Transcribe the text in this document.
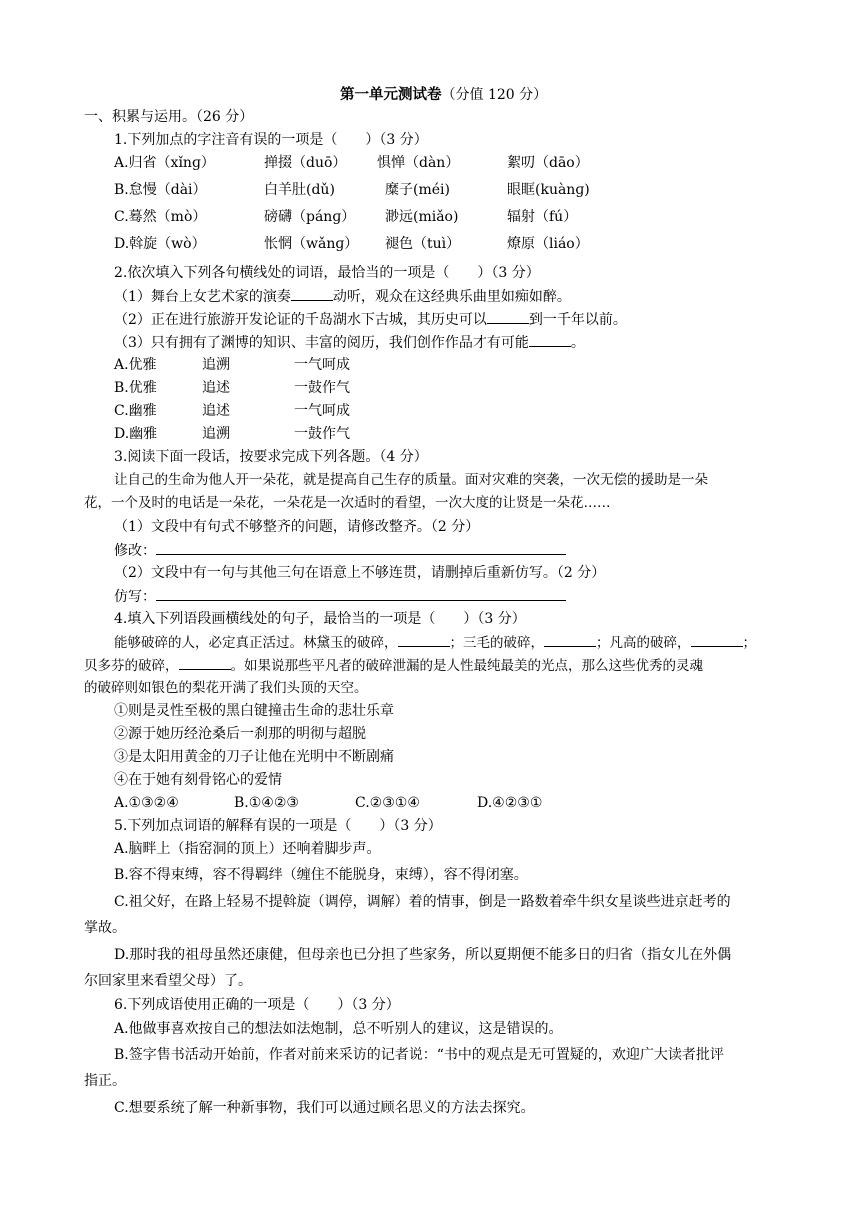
第一单元测试卷（分值 120 分）
一、积累与运用。（26 分）
1.下列加点的字注音有误的一项是（　　）（3 分）
A.归省（xǐnɡ）	掸掇（duō） 惧惮（dàn）	絮叨（dāo）
B.怠慢（dài）	白羊肚(dǔ)	糜子(méi)	眼眶(kuànɡ)
C.蓦然（mò）	磅礴（pánɡ） 渺远(miǎo)	辐射（fú）
D.斡旋（wò）	怅惘（wǎnɡ） 褪色（tuì）	燎原（liáo）
2.依次填入下列各句横线处的词语，最恰当的一项是（　　）（3 分）
（1）舞台上女艺术家的演奏	动听，观众在这经典乐曲里如痴如醉。
（2）正在进行旅游开发论证的千岛湖水下古城，其历史可以	到一千年以前。
（3）只有拥有了渊博的知识、丰富的阅历，我们创作作品才有可能	。
A.优雅	追溯	一气呵成
B.优雅	追述	一鼓作气
C.幽雅	追述	一气呵成
D.幽雅	追溯	一鼓作气
3.阅读下面一段话，按要求完成下列各题。（4 分）
让自己的生命为他人开一朵花，就是提高自己生存的质量。面对灾难的突袭，一次无偿的援助是一朵
花，一个及时的电话是一朵花，一朵花是一次适时的看望，一次大度的让贤是一朵花……
（1）文段中有句式不够整齐的问题，请修改整齐。（2 分）
修改：
（2）文段中有一句与其他三句在语意上不够连贯，请删掉后重新仿写。（2 分）
仿写：
4.填入下列语段画横线处的句子，最恰当的一项是（　　）（3 分）
能够破碎的人，必定真正活过。林黛玉的破碎，	；三毛的破碎，	；凡高的破碎，	；
贝多芬的破碎，	。如果说那些平凡者的破碎泄漏的是人性最纯最美的光点，那么这些优秀的灵魂
的破碎则如银色的梨花开满了我们头顶的天空。
①则是灵性至极的黑白键撞击生命的悲壮乐章
②源于她历经沧桑后一刹那的明彻与超脱
③是太阳用黄金的刀子让他在光明中不断剧痛
④在于她有刻骨铭心的爱情
A.①③②④	B.①④②③	C.②③①④	D.④②③①
5.下列加点词语的解释有误的一项是（　　）（3 分）
A.脑畔上（指窑洞的顶上）还响着脚步声。
B.容不得束缚，容不得羁绊（缠住不能脱身，束缚），容不得闭塞。
C.祖父好，在路上轻易不提斡旋（调停，调解）着的情事，倒是一路数着牵牛织女星谈些进京赶考的
掌故。
D.那时我的祖母虽然还康健，但母亲也已分担了些家务，所以夏期便不能多日的归省（指女儿在外偶
尔回家里来看望父母）了。
6.下列成语使用正确的一项是（　　）（3 分）
A.他做事喜欢按自己的想法如法炮制，总不听别人的建议，这是错误的。
B.签字售书活动开始前，作者对前来采访的记者说：“书中的观点是无可置疑的，欢迎广大读者批评
指正。
C.想要系统了解一种新事物，我们可以通过顾名思义的方法去探究。
